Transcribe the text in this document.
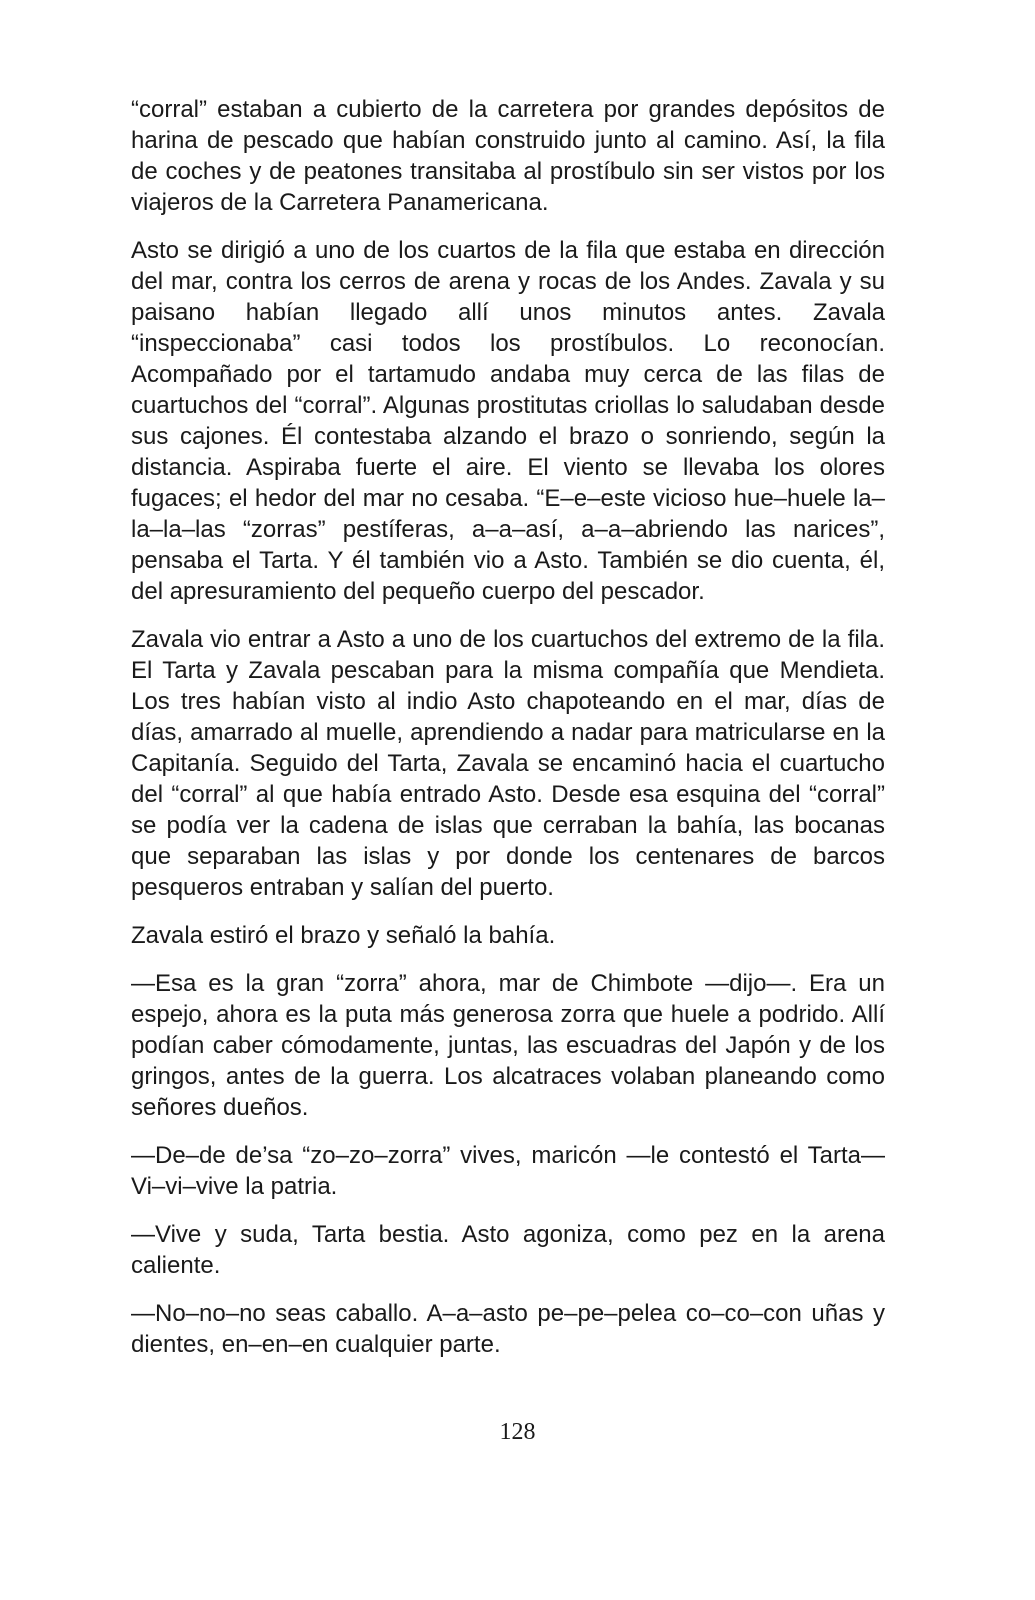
“corral” estaban a cubierto de la carretera por grandes depósitos de harina de pescado que habían construido junto al camino. Así, la fila de coches y de peatones transitaba al prostíbulo sin ser vistos por los viajeros de la Carretera Panamericana.

Asto se dirigió a uno de los cuartos de la fila que estaba en dirección del mar, contra los cerros de arena y rocas de los Andes. Zavala y su paisano habían llegado allí unos minutos antes. Zavala “inspeccionaba” casi todos los prostíbulos. Lo reconocían. Acompañado por el tartamudo andaba muy cerca de las filas de cuartuchos del “corral”. Algunas prostitutas criollas lo saludaban desde sus cajones. Él contestaba alzando el brazo o sonriendo, según la distancia. Aspiraba fuerte el aire. El viento se llevaba los olores fugaces; el hedor del mar no cesaba. “E–e–este vicioso hue–huele la–la–la–las “zorras” pestíferas, a–a–así, a–a–abriendo las narices”, pensaba el Tarta. Y él también vio a Asto. También se dio cuenta, él, del apresuramiento del pequeño cuerpo del pescador.

Zavala vio entrar a Asto a uno de los cuartuchos del extremo de la fila. El Tarta y Zavala pescaban para la misma compañía que Mendieta. Los tres habían visto al indio Asto chapoteando en el mar, días de días, amarrado al muelle, aprendiendo a nadar para matricularse en la Capitanía. Seguido del Tarta, Zavala se encaminó hacia el cuartucho del “corral” al que había entrado Asto. Desde esa esquina del “corral” se podía ver la cadena de islas que cerraban la bahía, las bocanas que separaban las islas y por donde los centenares de barcos pesqueros entraban y salían del puerto.

Zavala estiró el brazo y señaló la bahía.

—Esa es la gran “zorra” ahora, mar de Chimbote —dijo—. Era un espejo, ahora es la puta más generosa zorra que huele a podrido. Allí podían caber cómodamente, juntas, las escuadras del Japón y de los gringos, antes de la guerra. Los alcatraces volaban planeando como señores dueños.

—De–de de’sa “zo–zo–zorra” vives, maricón —le contestó el Tarta— Vi–vi–vive la patria.

—Vive y suda, Tarta bestia. Asto agoniza, como pez en la arena caliente.

—No–no–no seas caballo. A–a–asto pe–pe–pelea co–co–con uñas y dientes, en–en–en cualquier parte.

128
